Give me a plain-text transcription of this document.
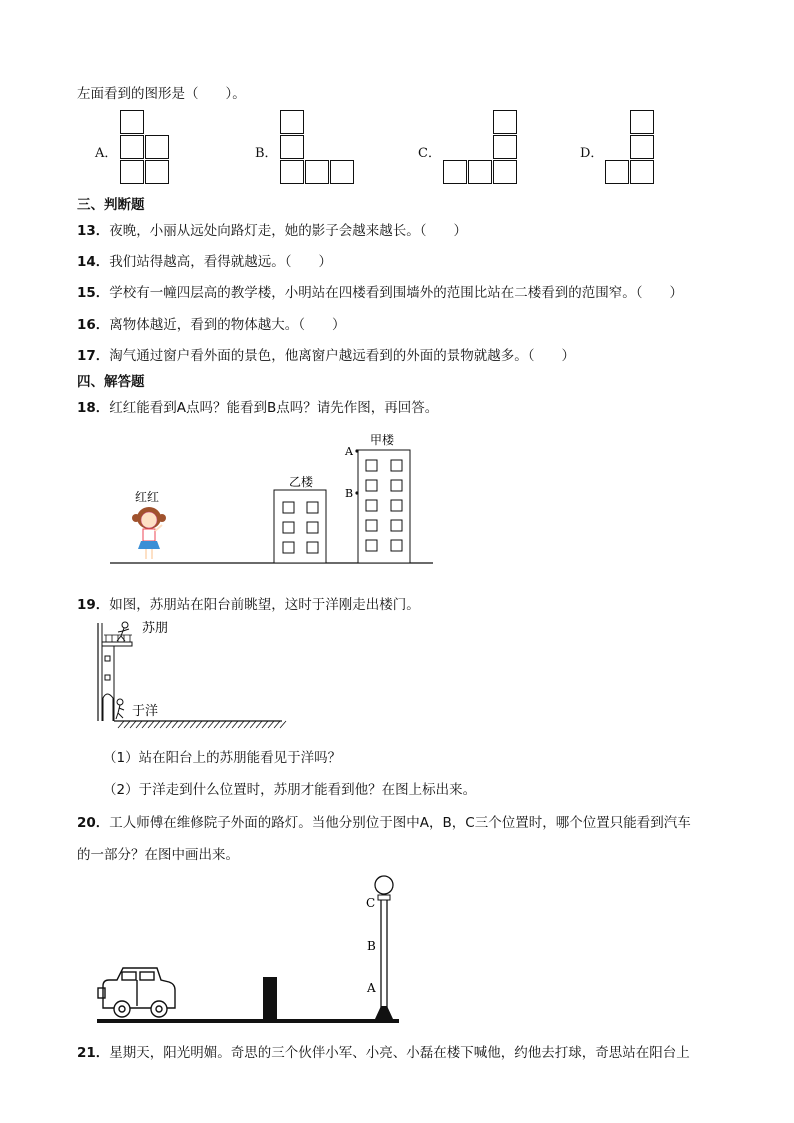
左面看到的图形是（　　）。
A．	B．	C．	D．
三、判断题
13．夜晚，小丽从远处向路灯走，她的影子会越来越长。（　　）
14．我们站得越高，看得就越远。（　　）
15．学校有一幢四层高的教学楼，小明站在四楼看到围墙外的范围比站在二楼看到的范围窄。（　　）
16．离物体越近，看到的物体越大。（　　）
17．淘气通过窗户看外面的景色，他离窗户越远看到的外面的景物就越多。（　　）
四、解答题
18．红红能看到A点吗？能看到B点吗？请先作图，再回答。
红红
乙楼
甲楼
A
B
19．如图，苏朋站在阳台前眺望，这时于洋刚走出楼门。
苏朋
于洋
（1）站在阳台上的苏朋能看见于洋吗？
（2）于洋走到什么位置时，苏朋才能看到他？在图上标出来。
20．工人师傅在维修院子外面的路灯。当他分别位于图中A，B，C三个位置时，哪个位置只能看到汽车
的一部分？在图中画出来。
C
B
A
21．星期天，阳光明媚。奇思的三个伙伴小军、小亮、小磊在楼下喊他，约他去打球，奇思站在阳台上
